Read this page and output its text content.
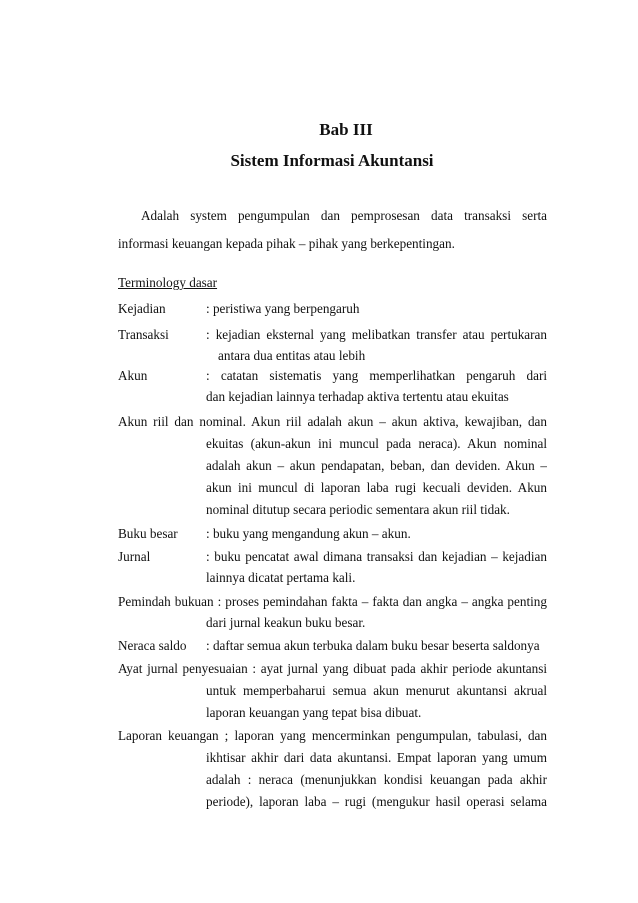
Bab III
Sistem Informasi Akuntansi
Adalah system pengumpulan dan pemprosesan data transaksi serta
informasi keuangan kepada pihak – pihak yang berkepentingan.
Terminology dasar
Kejadian	: peristiwa yang berpengaruh
Transaksi	: kejadian eksternal yang melibatkan transfer atau pertukaran
antara dua entitas atau lebih
Akun	: catatan sistematis yang memperlihatkan pengaruh dari
dan kejadian lainnya terhadap aktiva tertentu atau ekuitas
Akun riil dan nominal. Akun riil adalah akun – akun aktiva, kewajiban, dan
ekuitas (akun-akun ini muncul pada neraca). Akun nominal
adalah akun – akun pendapatan, beban, dan deviden. Akun –
akun ini muncul di laporan laba rugi kecuali deviden. Akun
nominal ditutup secara periodic sementara akun riil tidak.
Buku besar : buku yang mengandung akun – akun.
Jurnal	: buku pencatat awal dimana transaksi dan kejadian – kejadian
lainnya dicatat pertama kali.
Pemindah bukuan : proses pemindahan fakta – fakta dan angka – angka penting
dari jurnal keakun buku besar.
Neraca saldo : daftar semua akun terbuka dalam buku besar beserta saldonya
Ayat jurnal penyesuaian : ayat jurnal yang dibuat pada akhir periode akuntansi
untuk memperbaharui semua akun menurut akuntansi akrual
laporan keuangan yang tepat bisa dibuat.
Laporan keuangan ; laporan yang mencerminkan pengumpulan, tabulasi, dan
ikhtisar akhir dari data akuntansi. Empat laporan yang umum
adalah : neraca (menunjukkan kondisi keuangan pada akhir
periode), laporan laba – rugi (mengukur hasil operasi selama
